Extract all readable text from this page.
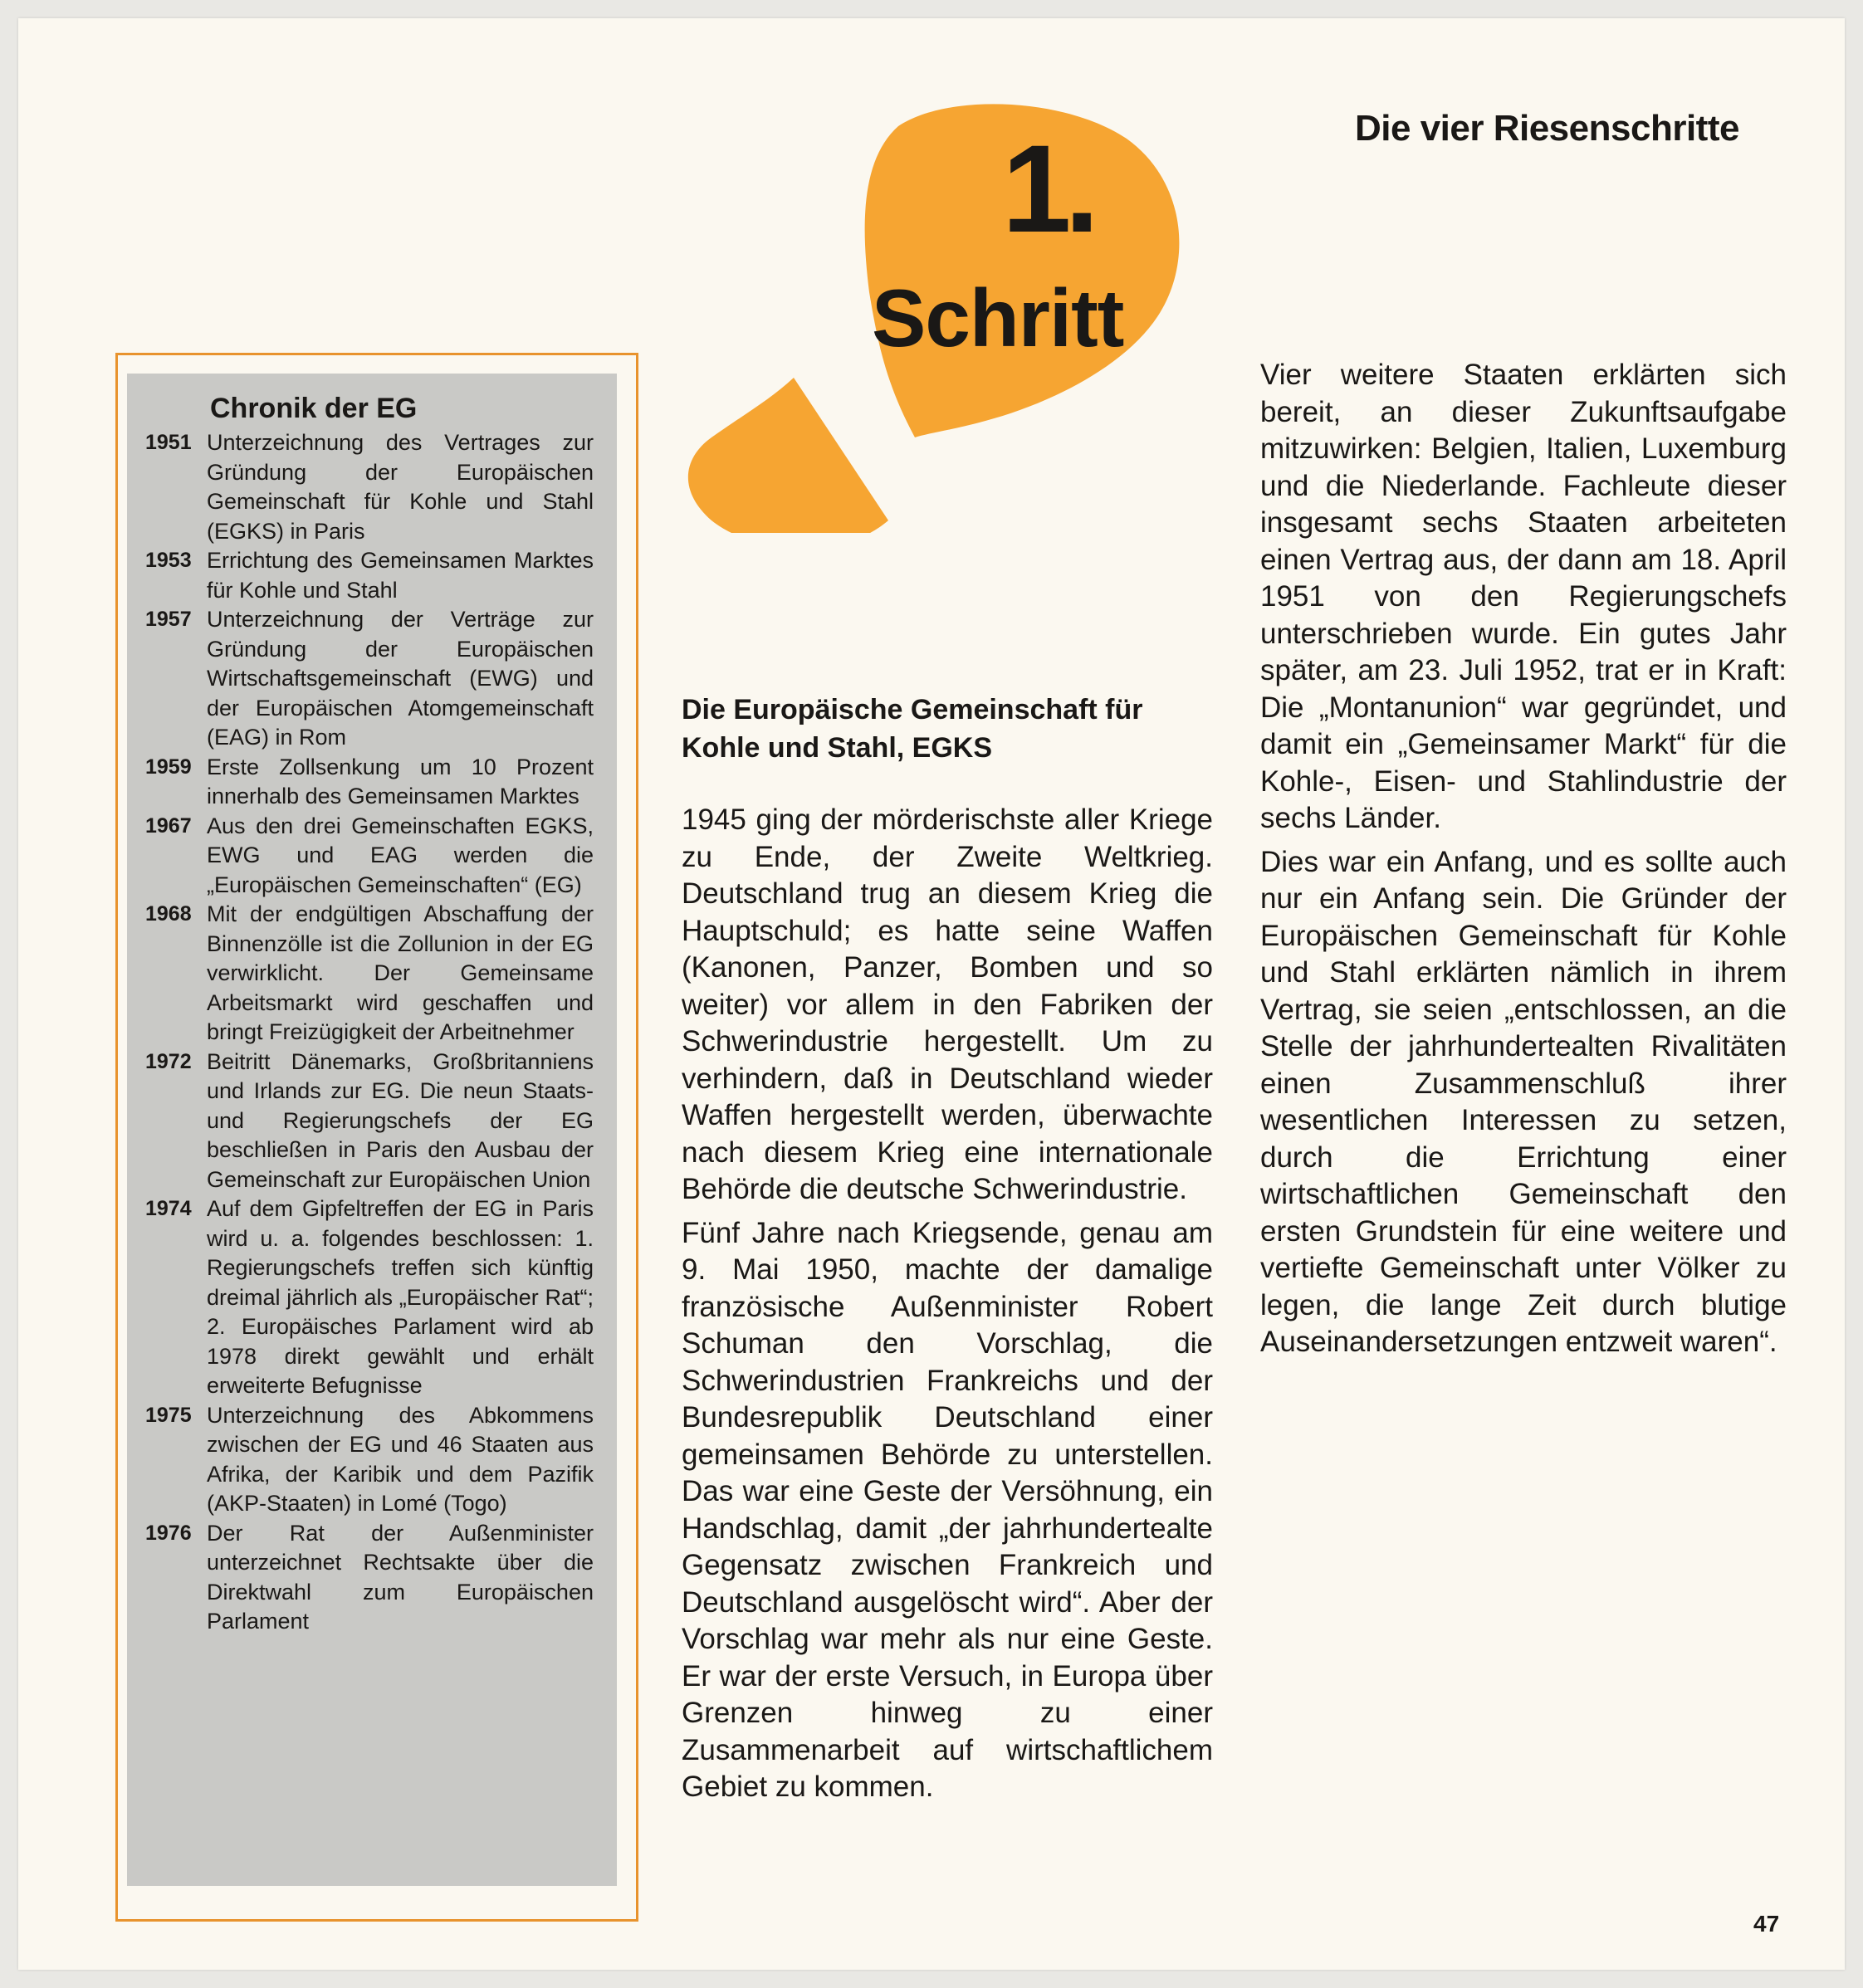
Die vier Riesenschritte
1.
Schritt
Chronik der EG
1951 Unterzeichnung des Vertrages zur Gründung der Europäischen Gemeinschaft für Kohle und Stahl (EGKS) in Paris
1953 Errichtung des Gemeinsamen Marktes für Kohle und Stahl
1957 Unterzeichnung der Verträge zur Gründung der Europäischen Wirtschaftsgemeinschaft (EWG) und der Europäischen Atomgemeinschaft (EAG) in Rom
1959 Erste Zollsenkung um 10 Prozent innerhalb des Gemeinsamen Marktes
1967 Aus den drei Gemeinschaften EGKS, EWG und EAG werden die „Europäischen Gemeinschaften“ (EG)
1968 Mit der endgültigen Abschaffung der Binnenzölle ist die Zollunion in der EG verwirklicht. Der Gemeinsame Arbeitsmarkt wird geschaffen und bringt Freizügigkeit der Arbeitnehmer
1972 Beitritt Dänemarks, Großbritanniens und Irlands zur EG. Die neun Staats- und Regierungschefs der EG beschließen in Paris den Ausbau der Gemeinschaft zur Europäischen Union
1974 Auf dem Gipfeltreffen der EG in Paris wird u. a. folgendes beschlossen: 1. Regierungschefs treffen sich künftig dreimal jährlich als „Europäischer Rat“; 2. Europäisches Parlament wird ab 1978 direkt gewählt und erhält erweiterte Befugnisse
1975 Unterzeichnung des Abkommens zwischen der EG und 46 Staaten aus Afrika, der Karibik und dem Pazifik (AKP-Staaten) in Lomé (Togo)
1976 Der Rat der Außenminister unterzeichnet Rechtsakte über die Direktwahl zum Europäischen Parlament
Die Europäische Gemeinschaft für Kohle und Stahl, EGKS

1945 ging der mörderischste aller Kriege zu Ende, der Zweite Weltkrieg. Deutschland trug an diesem Krieg die Hauptschuld; es hatte seine Waffen (Kanonen, Panzer, Bomben und so weiter) vor allem in den Fabriken der Schwerindustrie hergestellt. Um zu verhindern, daß in Deutschland wieder Waffen hergestellt werden, überwachte nach diesem Krieg eine internationale Behörde die deutsche Schwerindustrie.

Fünf Jahre nach Kriegsende, genau am 9. Mai 1950, machte der damalige französische Außenminister Robert Schuman den Vorschlag, die Schwerindustrien Frankreichs und der Bundesrepublik Deutschland einer gemeinsamen Behörde zu unterstellen. Das war eine Geste der Versöhnung, ein Handschlag, damit „der jahrhundertealte Gegensatz zwischen Frankreich und Deutschland ausgelöscht wird“. Aber der Vorschlag war mehr als nur eine Geste. Er war der erste Versuch, in Europa über Grenzen hinweg zu einer Zusammenarbeit auf wirtschaftlichem Gebiet zu kommen.

Vier weitere Staaten erklärten sich bereit, an dieser Zukunftsaufgabe mitzuwirken: Belgien, Italien, Luxemburg und die Niederlande. Fachleute dieser insgesamt sechs Staaten arbeiteten einen Vertrag aus, der dann am 18. April 1951 von den Regierungschefs unterschrieben wurde. Ein gutes Jahr später, am 23. Juli 1952, trat er in Kraft: Die „Montanunion“ war gegründet, und damit ein „Gemeinsamer Markt“ für die Kohle-, Eisen- und Stahlindustrie der sechs Länder.

Dies war ein Anfang, und es sollte auch nur ein Anfang sein. Die Gründer der Europäischen Gemeinschaft für Kohle und Stahl erklärten nämlich in ihrem Vertrag, sie seien „entschlossen, an die Stelle der jahrhundertealten Rivalitäten einen Zusammenschluß ihrer wesentlichen Interessen zu setzen, durch die Errichtung einer wirtschaftlichen Gemeinschaft den ersten Grundstein für eine weitere und vertiefte Gemeinschaft unter Völker zu legen, die lange Zeit durch blutige Auseinandersetzungen entzweit waren“.

47
